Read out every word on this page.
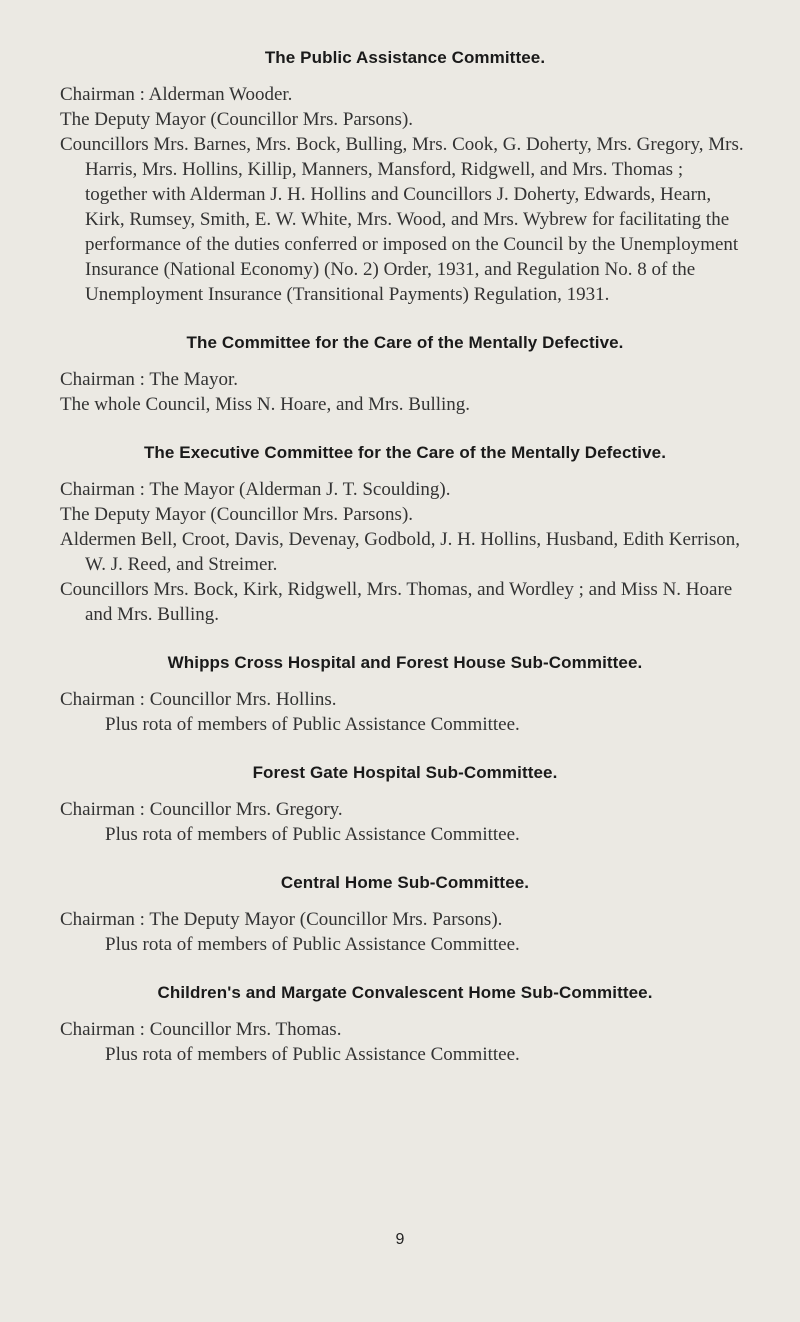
The Public Assistance Committee.
Chairman : Alderman Wooder.
The Deputy Mayor (Councillor Mrs. Parsons).
Councillors Mrs. Barnes, Mrs. Bock, Bulling, Mrs. Cook, G. Doherty, Mrs. Gregory, Mrs. Harris, Mrs. Hollins, Killip, Manners, Mansford, Ridgwell, and Mrs. Thomas ; together with Alderman J. H. Hollins and Councillors J. Doherty, Edwards, Hearn, Kirk, Rumsey, Smith, E. W. White, Mrs. Wood, and Mrs. Wybrew for facilitating the performance of the duties conferred or imposed on the Council by the Unemployment Insurance (National Economy) (No. 2) Order, 1931, and Regulation No. 8 of the Unemployment Insurance (Transitional Payments) Regulation, 1931.
The Committee for the Care of the Mentally Defective.
Chairman : The Mayor.
The whole Council, Miss N. Hoare, and Mrs. Bulling.
The Executive Committee for the Care of the Mentally Defective.
Chairman : The Mayor (Alderman J. T. Scoulding).
The Deputy Mayor (Councillor Mrs. Parsons).
Aldermen Bell, Croot, Davis, Devenay, Godbold, J. H. Hollins, Husband, Edith Kerrison, W. J. Reed, and Streimer.
Councillors Mrs. Bock, Kirk, Ridgwell, Mrs. Thomas, and Wordley ; and Miss N. Hoare and Mrs. Bulling.
Whipps Cross Hospital and Forest House Sub-Committee.
Chairman : Councillor Mrs. Hollins.
Plus rota of members of Public Assistance Committee.
Forest Gate Hospital Sub-Committee.
Chairman : Councillor Mrs. Gregory.
Plus rota of members of Public Assistance Committee.
Central Home Sub-Committee.
Chairman : The Deputy Mayor (Councillor Mrs. Parsons).
Plus rota of members of Public Assistance Committee.
Children's and Margate Convalescent Home Sub-Committee.
Chairman : Councillor Mrs. Thomas.
Plus rota of members of Public Assistance Committee.
9
